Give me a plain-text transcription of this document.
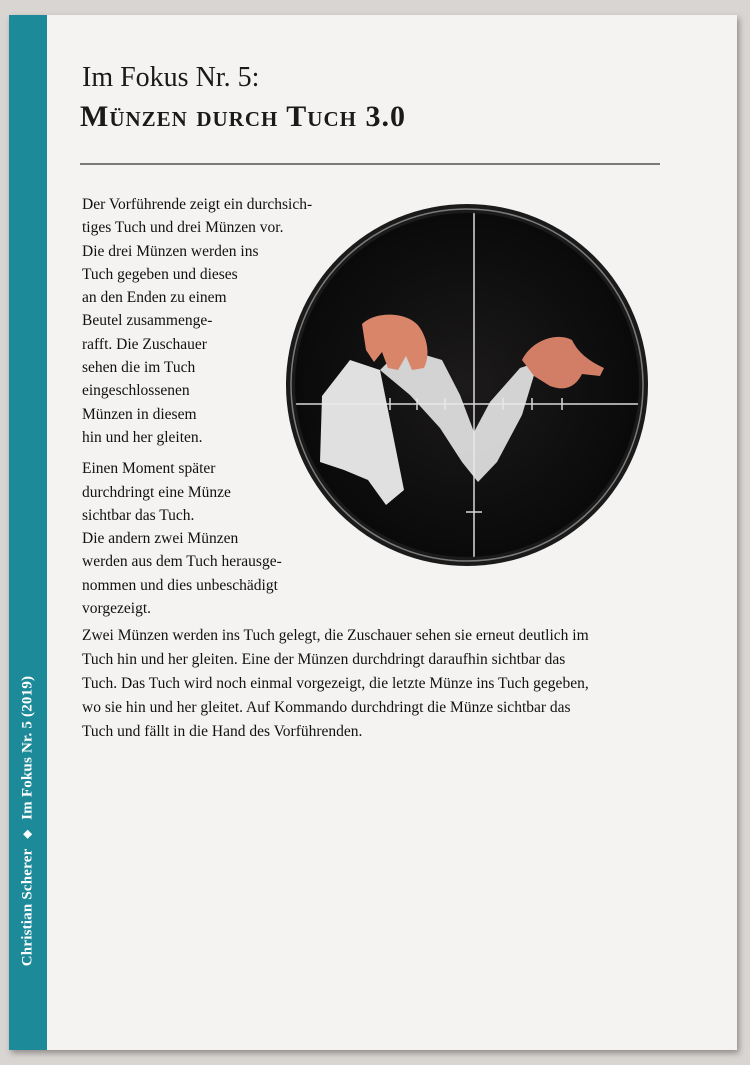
Christian Scherer◆Im Fokus Nr. 5 (2019)
Im Fokus Nr. 5:
Münzen durch Tuch 3.0
Der Vorführende zeigt ein durchsich-
tiges Tuch und drei Münzen vor.
Die drei Münzen werden ins
Tuch gegeben und dieses
an den Enden zu einem
Beutel zusammenge-
rafft. Die Zuschauer
sehen die im Tuch
eingeschlossenen
Münzen in diesem
hin und her gleiten.
Einen Moment später
durchdringt eine Münze
sichtbar das Tuch.
Die andern zwei Münzen
werden aus dem Tuch herausge-
nommen und dies unbeschädigt
vorgezeigt.
Zwei Münzen werden ins Tuch gelegt, die Zuschauer sehen sie erneut deutlich im
Tuch hin und her gleiten. Eine der Münzen durchdringt daraufhin sichtbar das
Tuch. Das Tuch wird noch einmal vorgezeigt, die letzte Münze ins Tuch gegeben,
wo sie hin und her gleitet. Auf Kommando durchdringt die Münze sichtbar das
Tuch und fällt in die Hand des Vorführenden.
